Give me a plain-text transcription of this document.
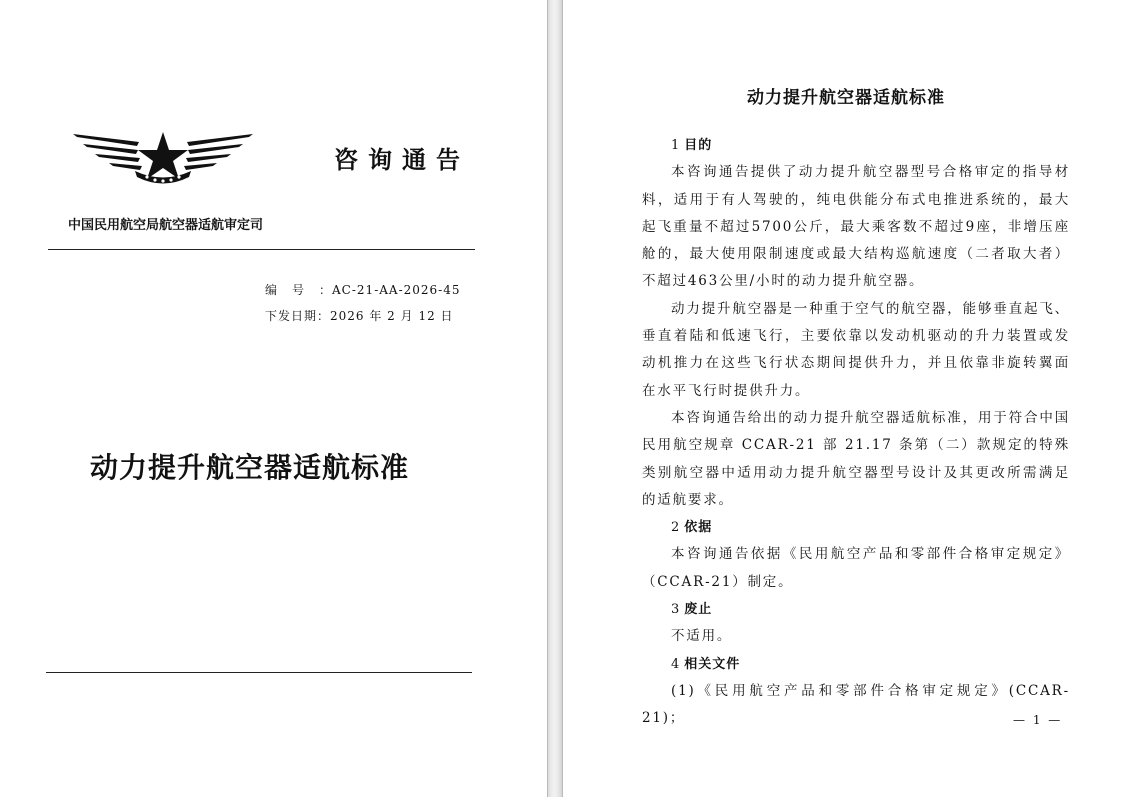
咨询通告
中国民用航空局航空器适航审定司
编号：AC-21-AA-2026-45
下发日期：2026 年 2 月 12 日
动力提升航空器适航标准
动力提升航空器适航标准

1 目的

本咨询通告提供了动力提升航空器型号合格审定的指导材料，适用于有人驾驶的，纯电供能分布式电推进系统的，最大起飞重量不超过5700公斤，最大乘客数不超过9座，非增压座舱的，最大使用限制速度或最大结构巡航速度（二者取大者）不超过463公里/小时的动力提升航空器。

动力提升航空器是一种重于空气的航空器，能够垂直起飞、垂直着陆和低速飞行，主要依靠以发动机驱动的升力装置或发动机推力在这些飞行状态期间提供升力，并且依靠非旋转翼面在水平飞行时提供升力。

本咨询通告给出的动力提升航空器适航标准，用于符合中国民用航空规章 CCAR-21 部 21.17 条第（二）款规定的特殊类别航空器中适用动力提升航空器型号设计及其更改所需满足的适航要求。

2 依据

本咨询通告依据《民用航空产品和零部件合格审定规定》（CCAR-21）制定。

3 废止

不适用。

4 相关文件

(1)《民用航空产品和零部件合格审定规定》(CCAR-21)；	— 1 —
